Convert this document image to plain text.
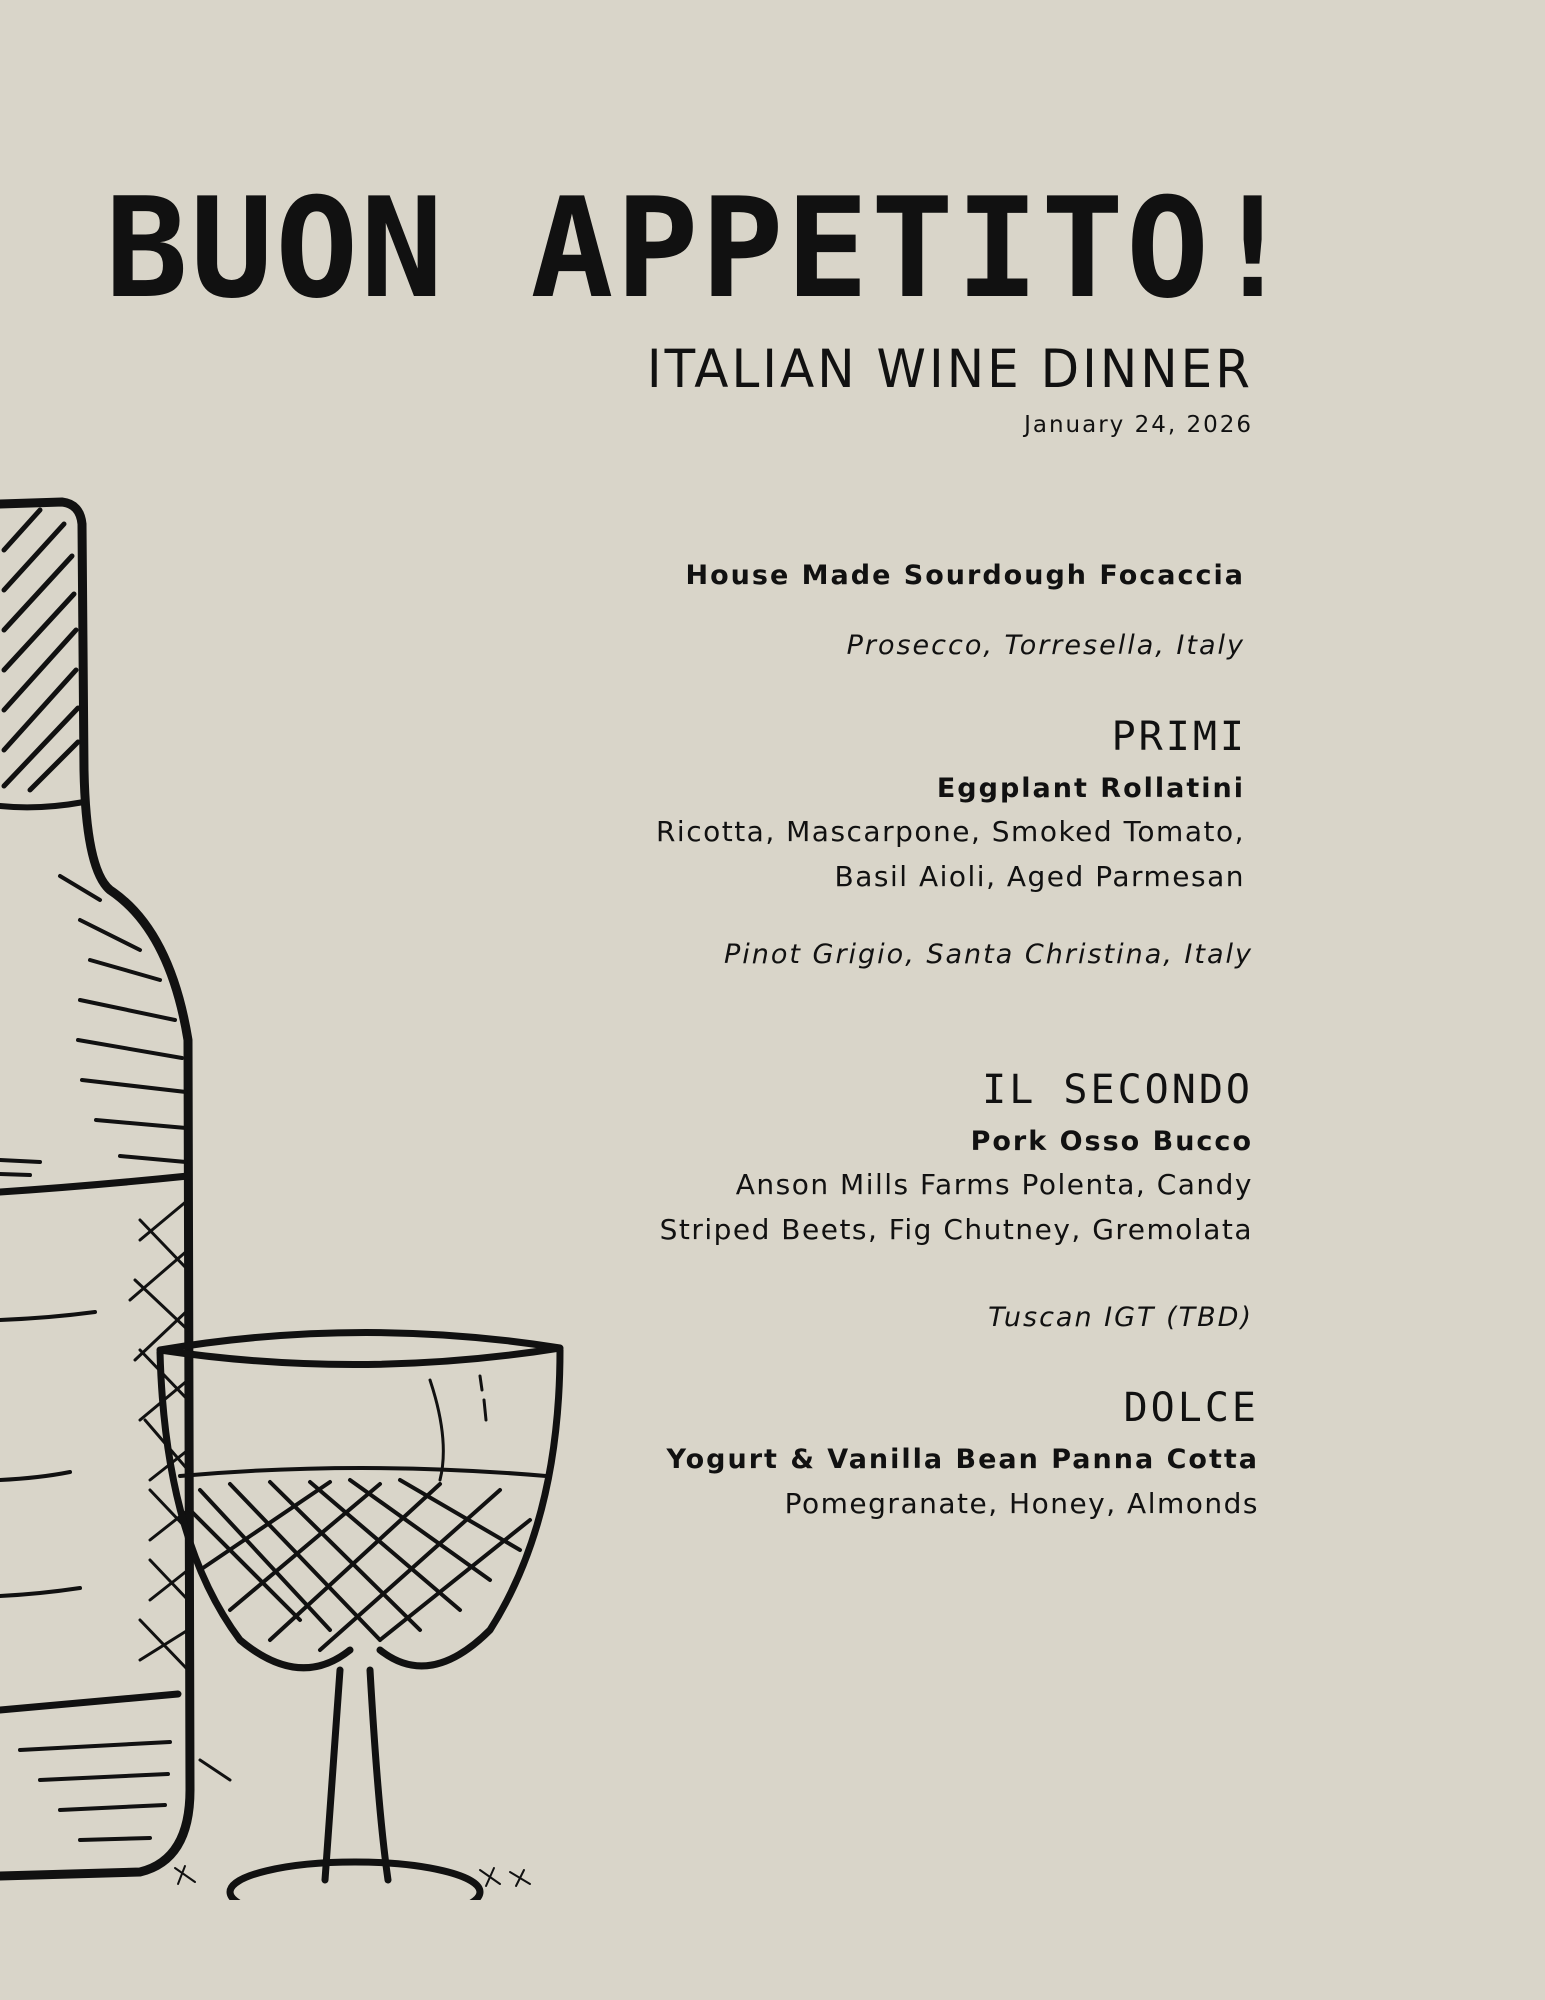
BUON APPETITO!
ITALIAN WINE DINNER
January 24, 2026

House Made Sourdough Focaccia

Prosecco, Torresella, Italy

PRIMI

Eggplant Rollatini

Ricotta, Mascarpone, Smoked Tomato,

Basil Aioli, Aged Parmesan

Pinot Grigio, Santa Christina, Italy

IL SECONDO

Pork Osso Bucco

Anson Mills Farms Polenta, Candy

Striped Beets, Fig Chutney, Gremolata

Tuscan IGT (TBD)

DOLCE

Yogurt & Vanilla Bean Panna Cotta

Pomegranate, Honey, Almonds
